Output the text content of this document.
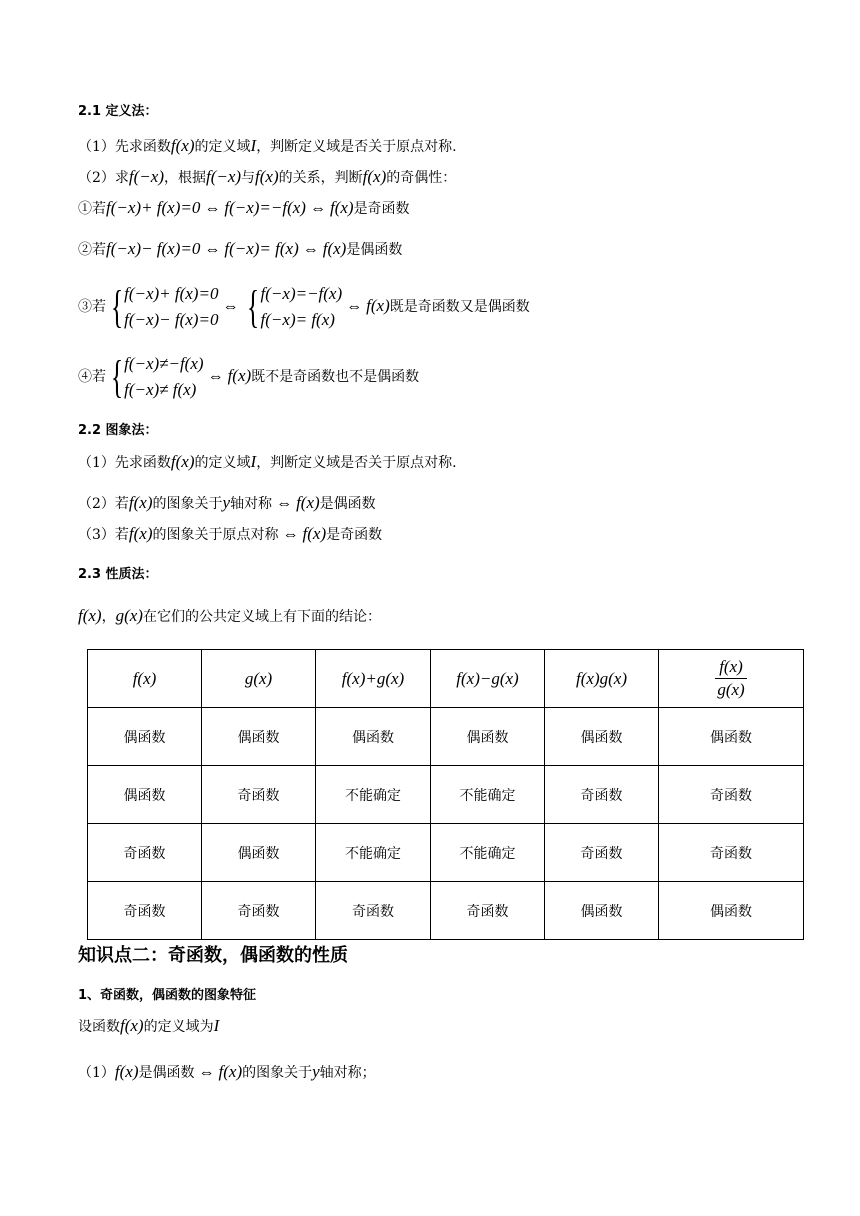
2.1 定义法：
（1）先求函数f(x)的定义域I，判断定义域是否关于原点对称.
（2）求f(−x)，根据f(−x)与f(x)的关系，判断f(x)的奇偶性：
①若f(−x)+ f(x)=0 ⇔ f(−x)=−f(x) ⇔ f(x)是奇函数
②若f(−x)− f(x)=0 ⇔ f(−x)= f(x) ⇔ f(x)是偶函数
③若 { f(−x)+ f(x)=0
f(−x)− f(x)=0
⇔ { f(−x)=−f(x)
f(−x)= f(x)
⇔ f(x)既是奇函数又是偶函数
④若 { f(−x)≠−f(x)
f(−x)≠ f(x)
⇔ f(x)既不是奇函数也不是偶函数
2.2 图象法：
（1）先求函数f(x)的定义域I，判断定义域是否关于原点对称.
（2）若f(x)的图象关于y轴对称 ⇔ f(x)是偶函数
（3）若f(x)的图象关于原点对称 ⇔ f(x)是奇函数
2.3 性质法：
f(x)，g(x)在它们的公共定义域上有下面的结论：
f(x)	g(x)	f(x)+g(x)	f(x)−g(x)	f(x)g(x)	$\frac{f(x)}{g(x)}$

偶函数	偶函数	偶函数	偶函数	偶函数	偶函数
偶函数	奇函数	不能确定	不能确定	奇函数	奇函数
奇函数	偶函数	不能确定	不能确定	奇函数	奇函数
奇函数	奇函数	奇函数	奇函数	偶函数	偶函数
知识点二：奇函数，偶函数的性质
1、奇函数，偶函数的图象特征
设函数f(x)的定义域为I
（1）f(x)是偶函数 ⇔ f(x)的图象关于y轴对称；
